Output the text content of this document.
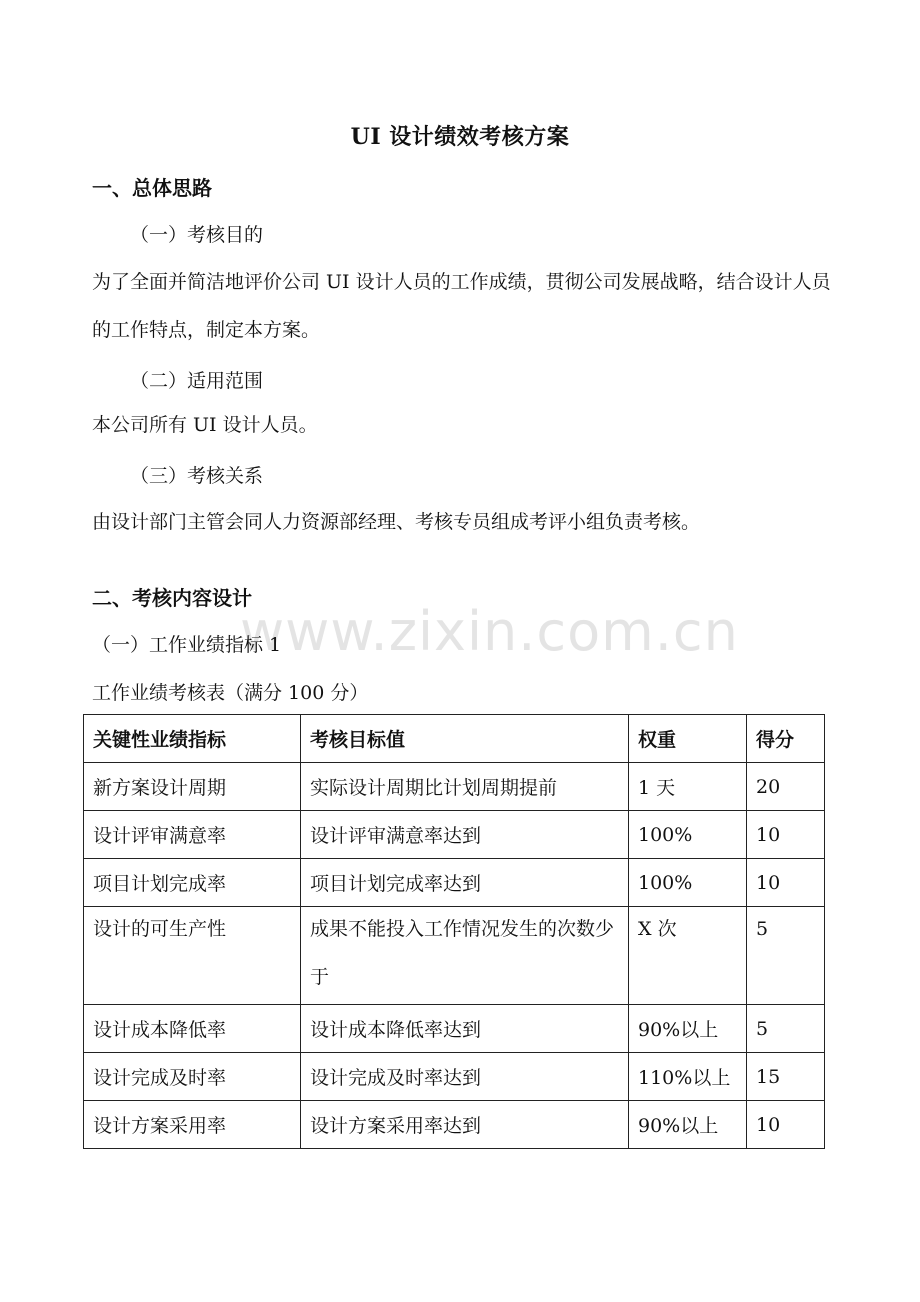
www.zixin.com.cn
UI 设计绩效考核方案
一、总体思路
（一）考核目的
为了全面并简洁地评价公司 UI 设计人员的工作成绩，贯彻公司发展战略，结合设计人员的工作特点，制定本方案。
（二）适用范围
本公司所有 UI 设计人员。
（三）考核关系
由设计部门主管会同人力资源部经理、考核专员组成考评小组负责考核。
二、考核内容设计
（一）工作业绩指标 1
工作业绩考核表（满分 100 分）
关键性业绩指标	考核目标值	权重	得分
新方案设计周期	实际设计周期比计划周期提前	1 天	20
设计评审满意率	设计评审满意率达到	100%	10
项目计划完成率	项目计划完成率达到	100%	10

设计的可生产性	成果不能投入工作情况发生的次数少于	X 次	5

设计成本降低率	设计成本降低率达到	90%以上	5
设计完成及时率	设计完成及时率达到	110%以上	15
设计方案采用率	设计方案采用率达到	90%以上	10
